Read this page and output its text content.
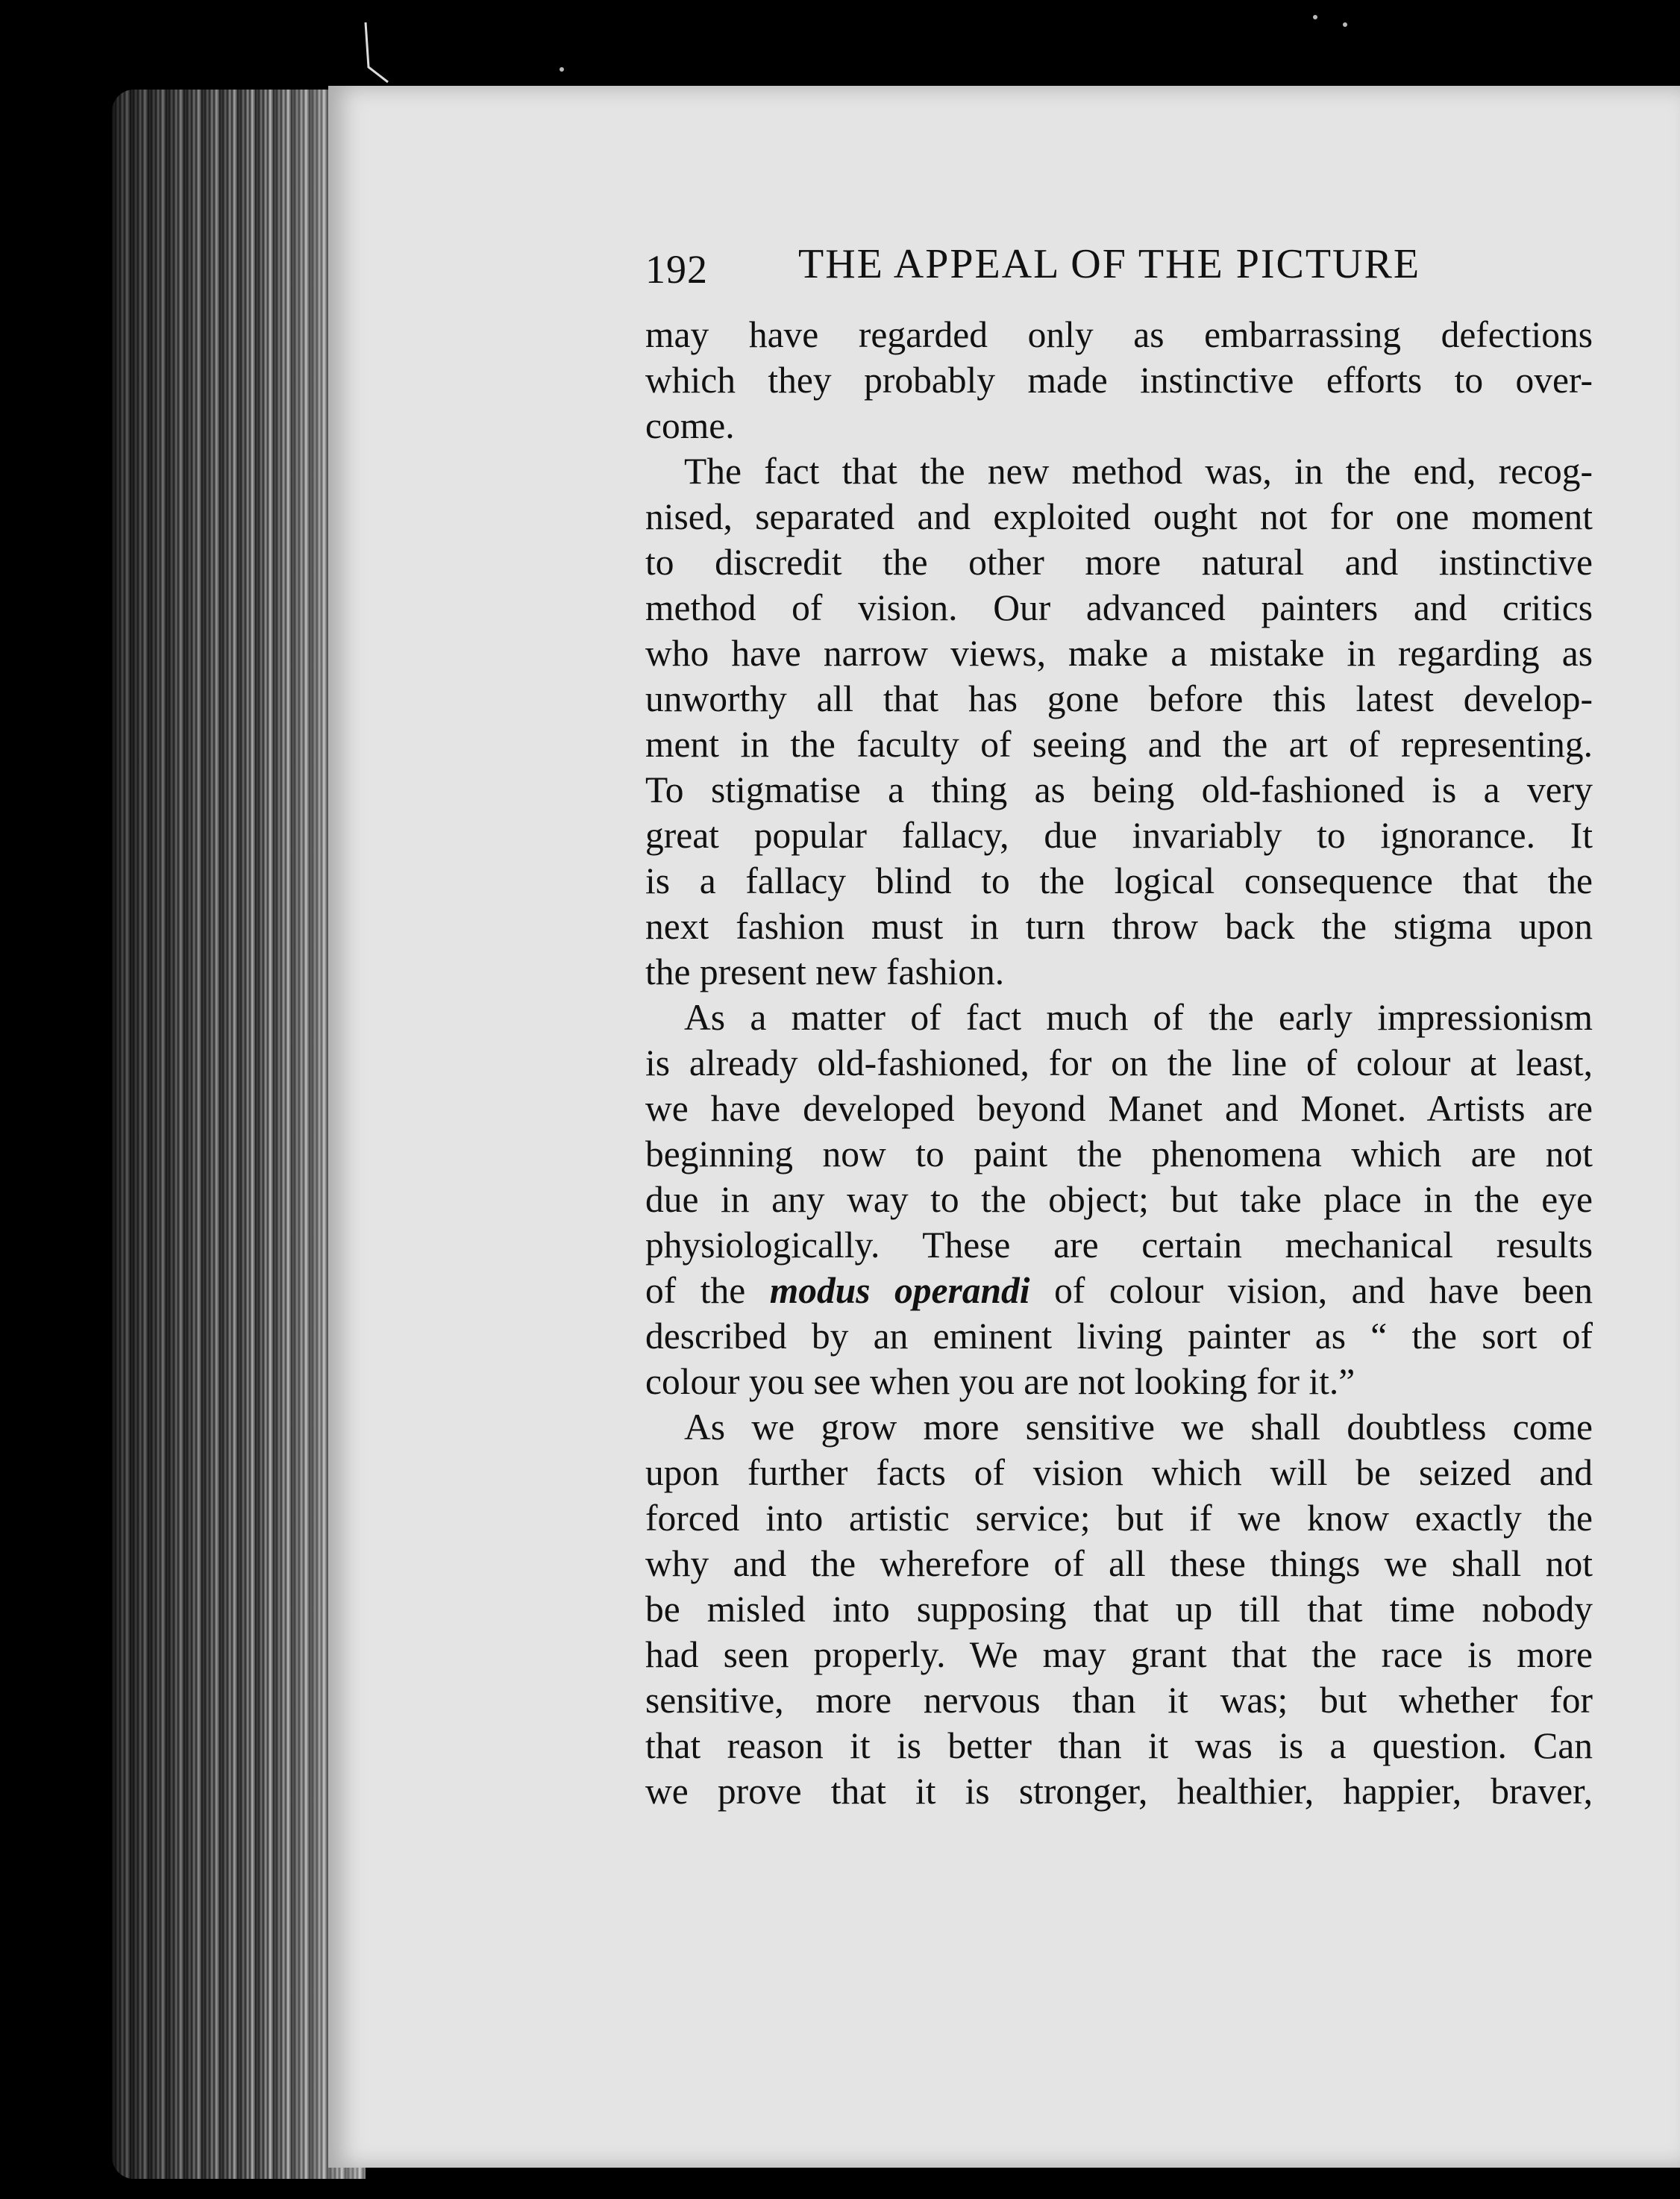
192 THE APPEAL OF THE PICTURE
may have regarded only as embarrassing defections
which they probably made instinctive efforts to over-
come.
The fact that the new method was, in the end, recog-
nised, separated and exploited ought not for one moment
to discredit the other more natural and instinctive
method of vision. Our advanced painters and critics
who have narrow views, make a mistake in regarding as
unworthy all that has gone before this latest develop-
ment in the faculty of seeing and the art of representing.
To stigmatise a thing as being old-fashioned is a very
great popular fallacy, due invariably to ignorance. It
is a fallacy blind to the logical consequence that the
next fashion must in turn throw back the stigma upon
the present new fashion.
As a matter of fact much of the early impressionism
is already old-fashioned, for on the line of colour at least,
we have developed beyond Manet and Monet. Artists are
beginning now to paint the phenomena which are not
due in any way to the object; but take place in the eye
physiologically. These are certain mechanical results
of the modus operandi of colour vision, and have been
described by an eminent living painter as “ the sort of
colour you see when you are not looking for it.”
As we grow more sensitive we shall doubtless come
upon further facts of vision which will be seized and
forced into artistic service; but if we know exactly the
why and the wherefore of all these things we shall not
be misled into supposing that up till that time nobody
had seen properly. We may grant that the race is more
sensitive, more nervous than it was; but whether for
that reason it is better than it was is a question. Can
we prove that it is stronger, healthier, happier, braver,
